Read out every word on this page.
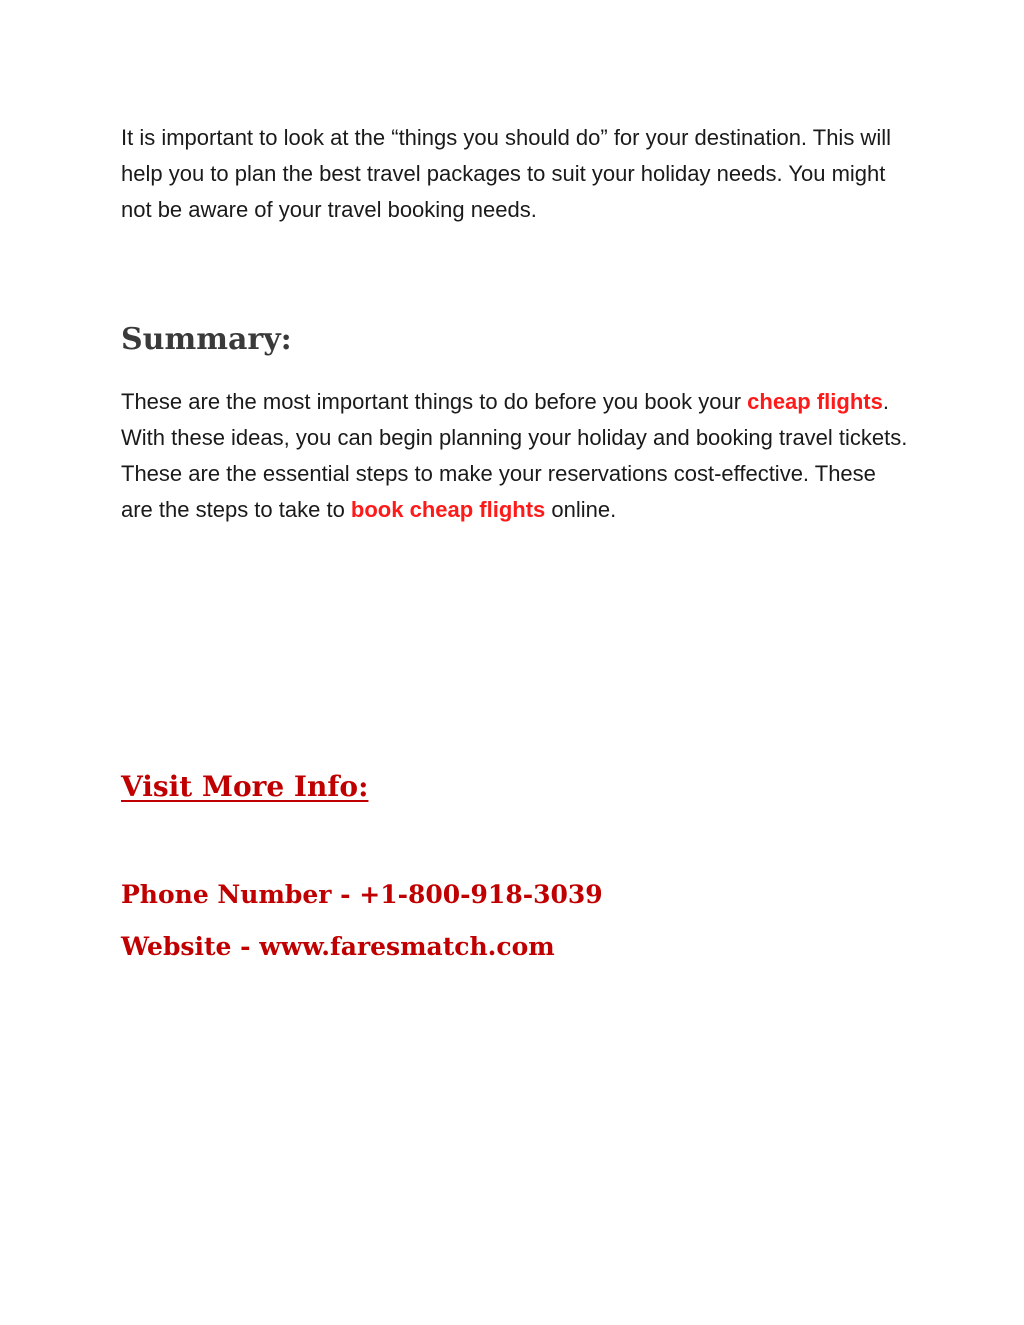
It is important to look at the “things you should do” for your destination. This will help you to plan the best travel packages to suit your holiday needs. You might not be aware of your travel booking needs.

Summary:

These are the most important things to do before you book your cheap flights. With these ideas, you can begin planning your holiday and booking travel tickets. These are the essential steps to make your reservations cost-effective. These are the steps to take to book cheap flights online.

Visit More Info:

Phone Number - +1-800-918-3039

Website - www.faresmatch.com
